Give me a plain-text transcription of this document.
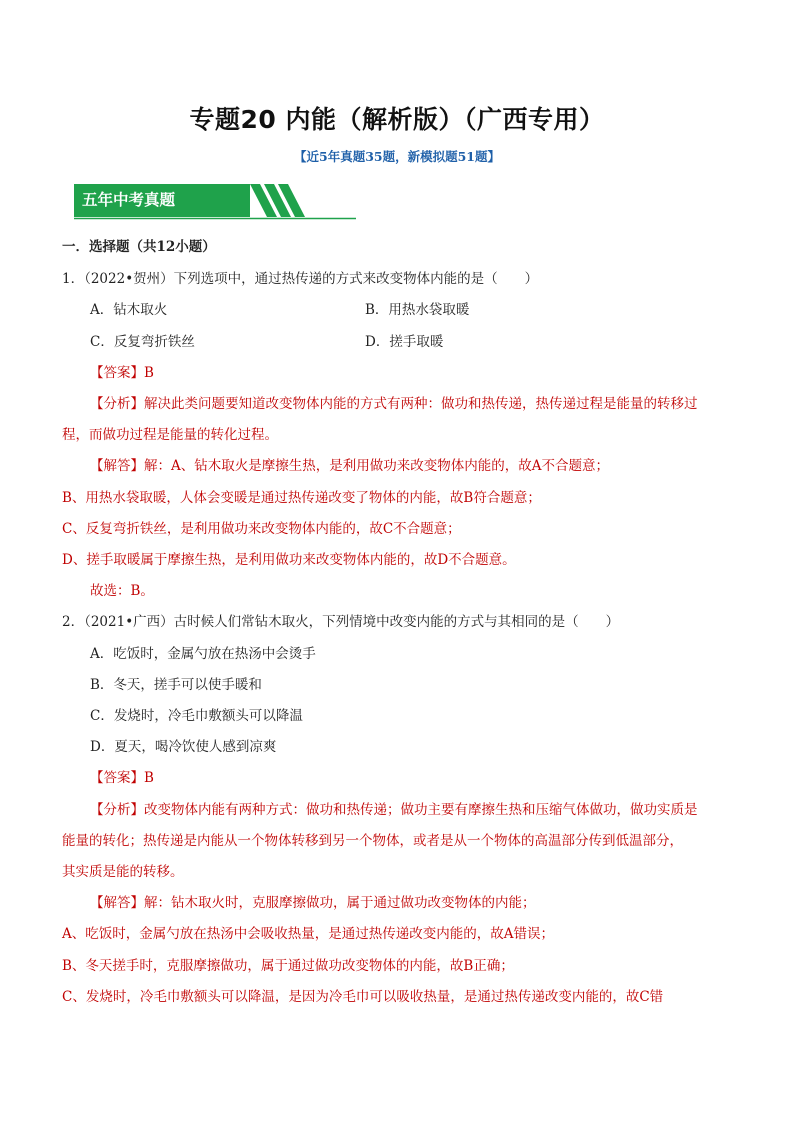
专题20 内能（解析版）（广西专用）
【近5年真题35题，新模拟题51题】
五年中考真题
一．选择题（共12小题）
1．（2022•贺州）下列选项中，通过热传递的方式来改变物体内能的是（　　）
A．钻木取火	B．用热水袋取暖
C．反复弯折铁丝	D．搓手取暖
【答案】B
【分析】解决此类问题要知道改变物体内能的方式有两种：做功和热传递，热传递过程是能量的转移过
程，而做功过程是能量的转化过程。
【解答】解：A、钻木取火是摩擦生热，是利用做功来改变物体内能的，故A不合题意；
B、用热水袋取暖，人体会变暖是通过热传递改变了物体的内能，故B符合题意；
C、反复弯折铁丝，是利用做功来改变物体内能的，故C不合题意；
D、搓手取暖属于摩擦生热，是利用做功来改变物体内能的，故D不合题意。
故选：B。
2．（2021•广西）古时候人们常钻木取火，下列情境中改变内能的方式与其相同的是（　　）
A．吃饭时，金属勺放在热汤中会烫手
B．冬天，搓手可以使手暖和
C．发烧时，冷毛巾敷额头可以降温
D．夏天，喝冷饮使人感到凉爽
【答案】B
【分析】改变物体内能有两种方式：做功和热传递；做功主要有摩擦生热和压缩气体做功，做功实质是
能量的转化；热传递是内能从一个物体转移到另一个物体，或者是从一个物体的高温部分传到低温部分，
其实质是能的转移。
【解答】解：钻木取火时，克服摩擦做功，属于通过做功改变物体的内能；
A、吃饭时，金属勺放在热汤中会吸收热量，是通过热传递改变内能的，故A错误；
B、冬天搓手时，克服摩擦做功，属于通过做功改变物体的内能，故B正确；
C、发烧时，冷毛巾敷额头可以降温，是因为冷毛巾可以吸收热量，是通过热传递改变内能的，故C错
